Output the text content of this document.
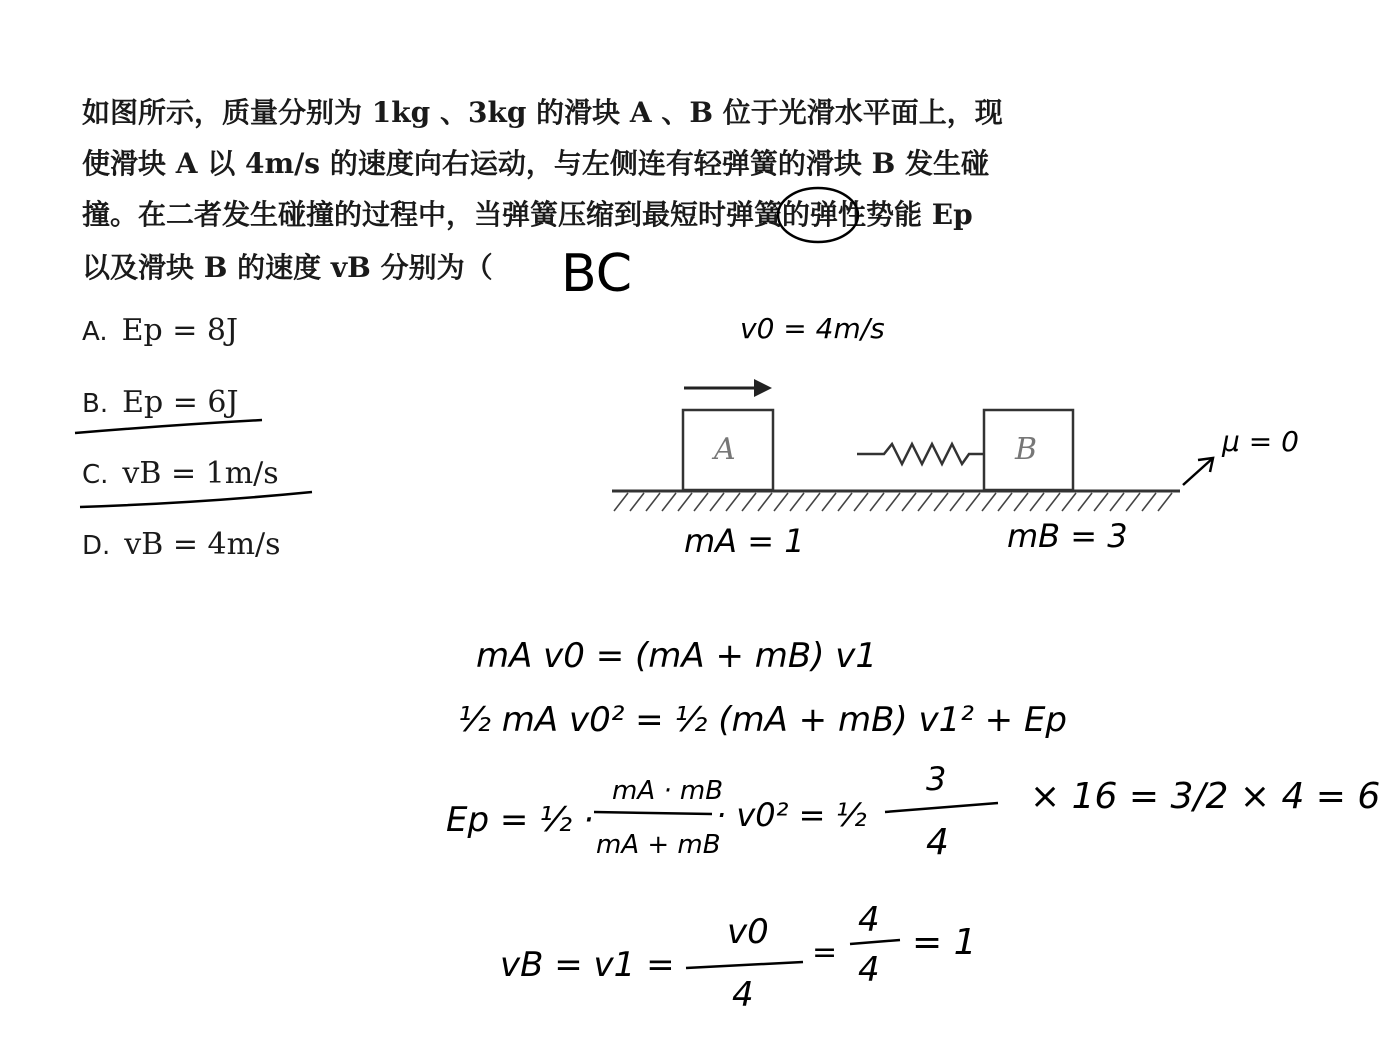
如图所示，质量分别为 1kg 、3kg 的滑块 A 、B 位于光滑水平面上，现
使滑块 A 以 4m/s 的速度向右运动，与左侧连有轻弹簧的滑块 B 发生碰
撞。在二者发生碰撞的过程中，当弹簧压缩到最短时弹簧的弹性势能 Ep
以及滑块 B 的速度 vB 分别为（
A. Ep = 8J
B. Ep = 6J
C. vB = 1m/s
D. vB = 4m/s
A	B
BC
v0 = 4m/s
μ = 0
mA = 1	mB = 3
mA v0 = (mA + mB) v1
½ mA v0² = ½ (mA + mB) v1² + Ep
Ep = ½ ·
mA · mB
mA + mB
· v0² = ½
3
4
× 16 = 3/2 × 4 = 6
vB = v1 =
v0
4
=
4
4
= 1
